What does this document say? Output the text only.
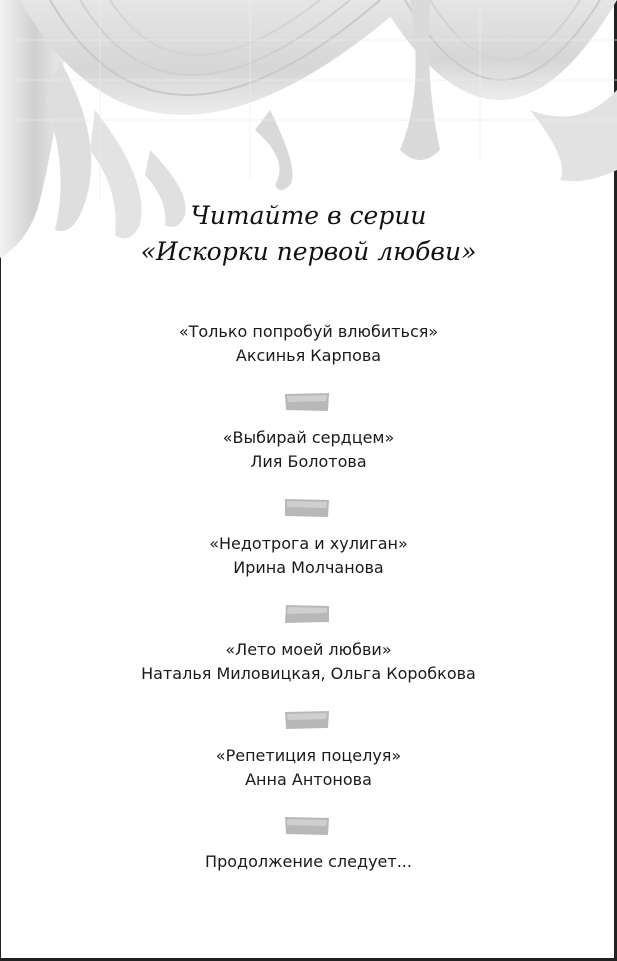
Читайте в серии
«Искорки первой любви»
«Только попробуй влюбиться»
Аксинья Карпова
«Выбирай сердцем»
Лия Болотова
«Недотрога и хулиган»
Ирина Молчанова
«Лето моей любви»
Наталья Миловицкая, Ольга Коробкова
«Репетиция поцелуя»
Анна Антонова
Продолжение следует...
